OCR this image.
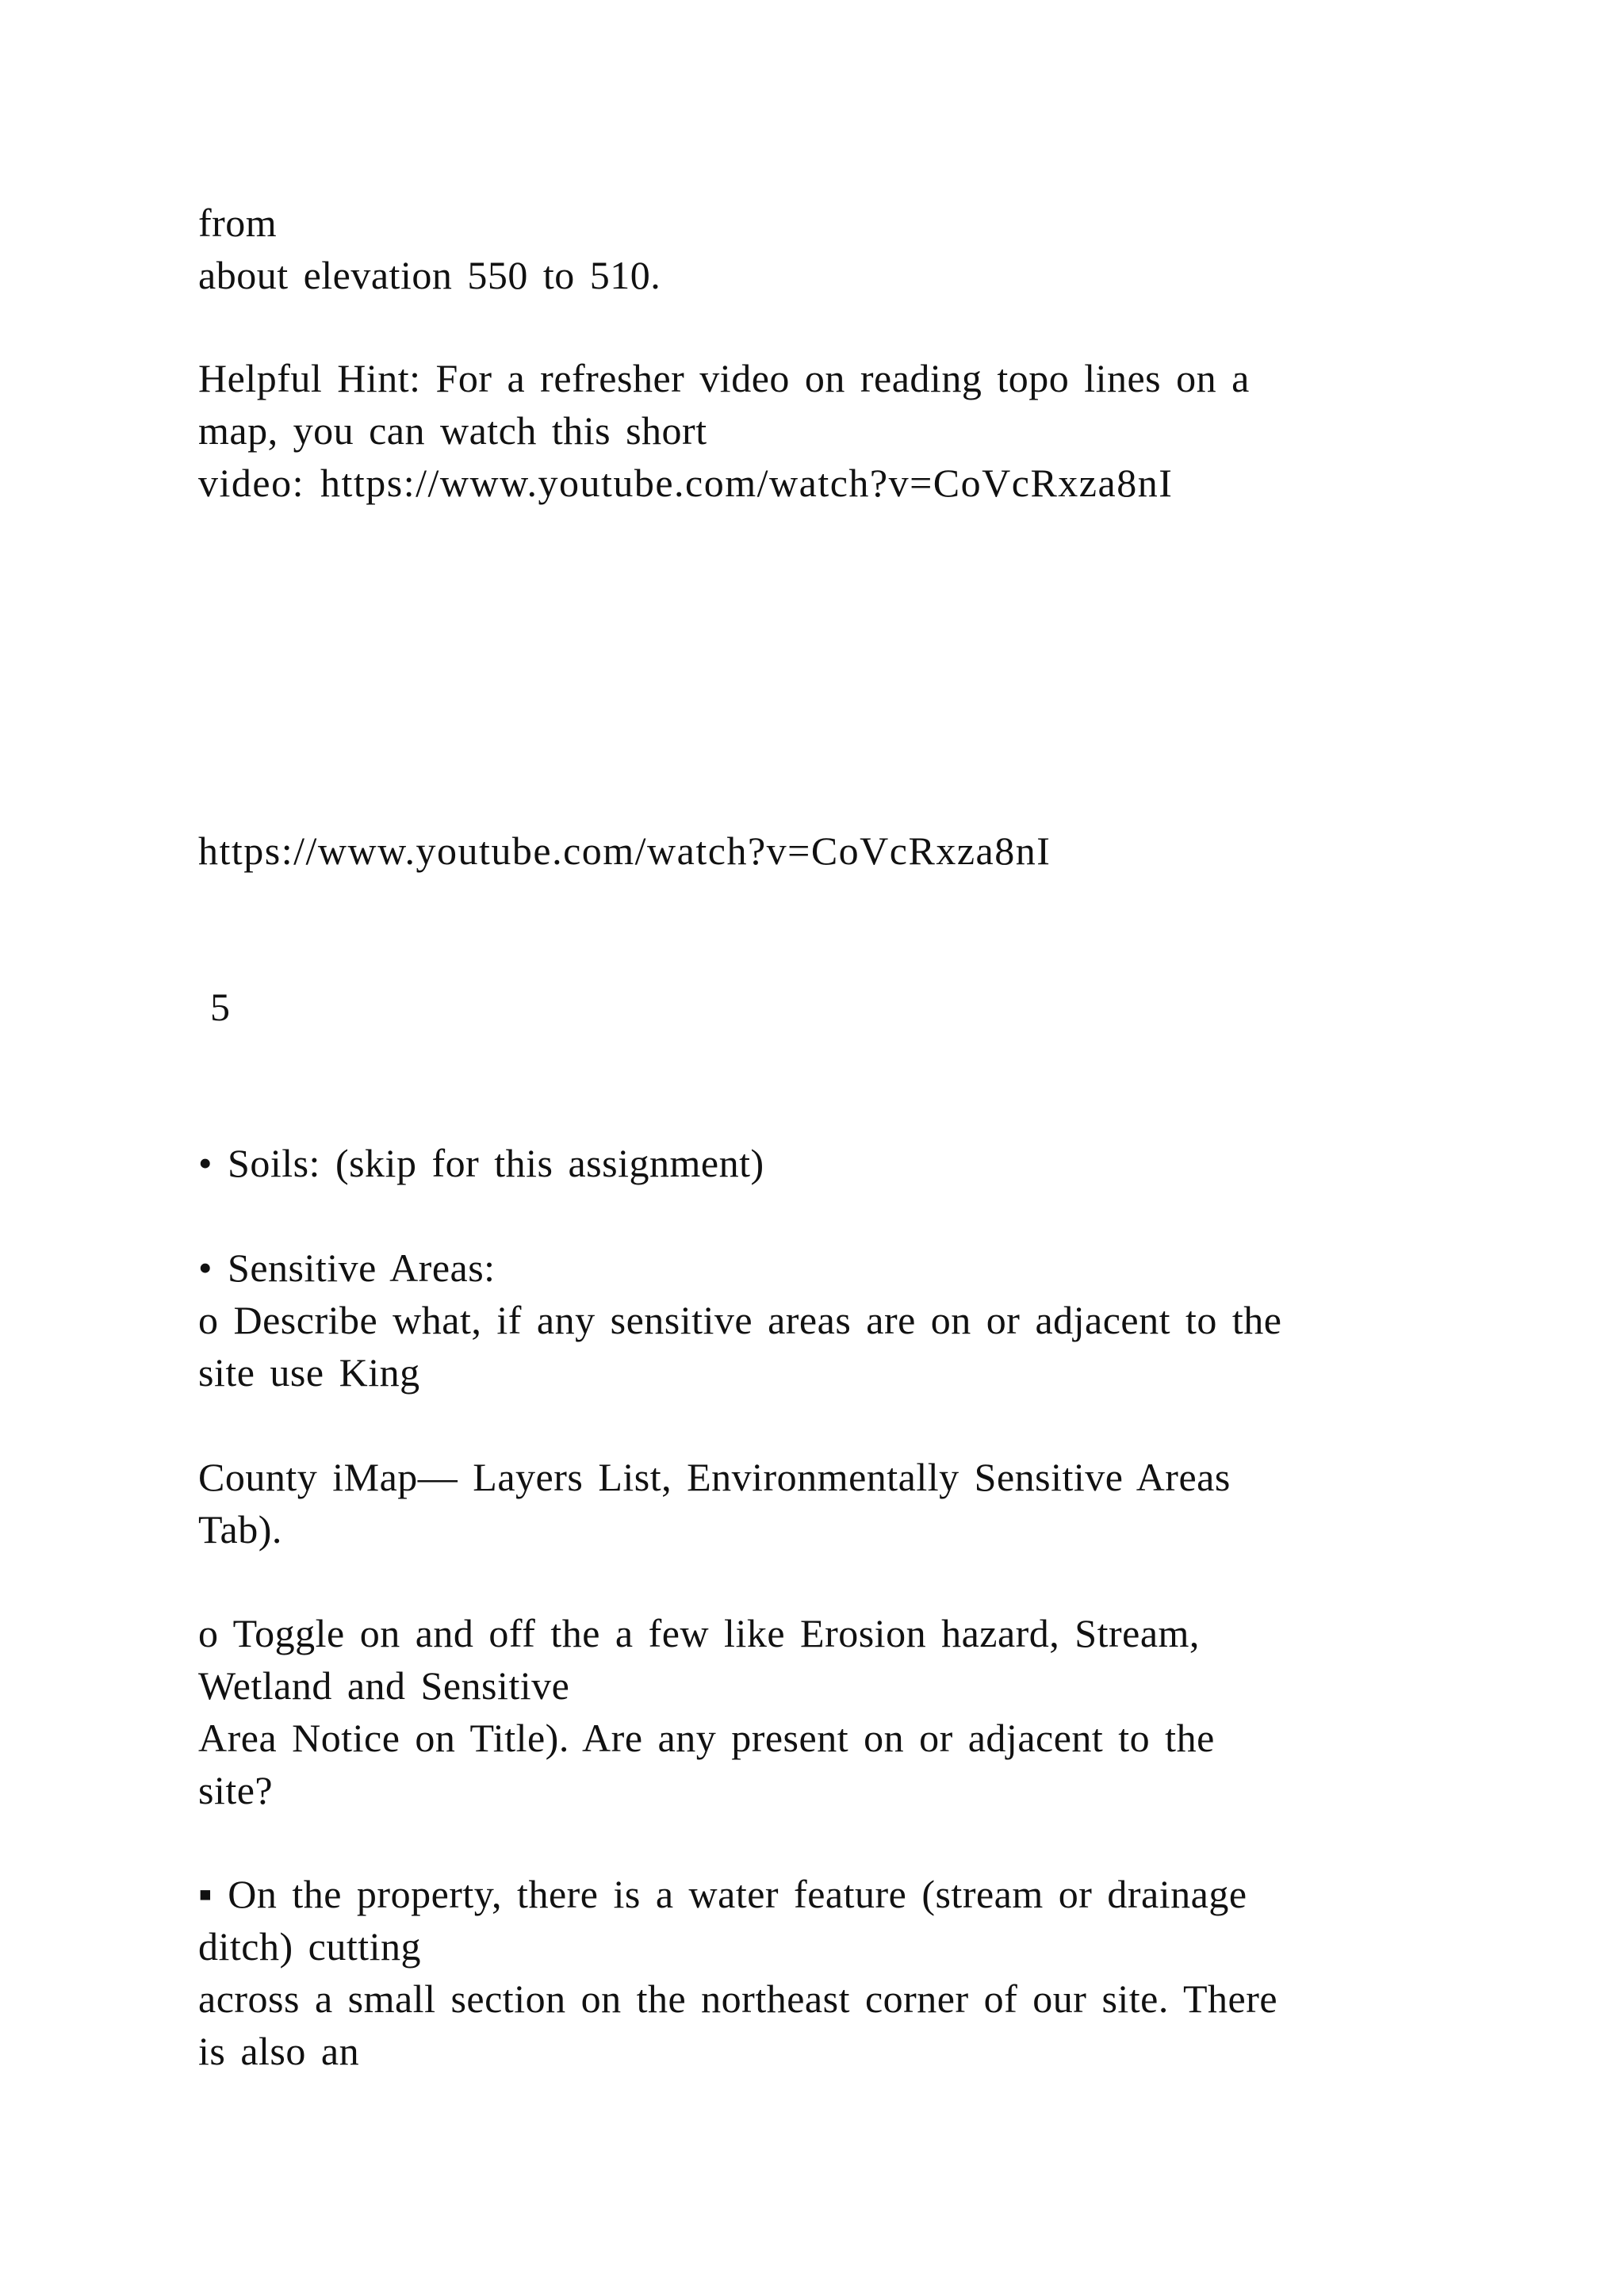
from
about elevation 550 to 510.
Helpful Hint: For a refresher video on reading topo lines on a
map, you can watch this short
video: https://www.youtube.com/watch?v=CoVcRxza8nI
https://www.youtube.com/watch?v=CoVcRxza8nI
5
• Soils: (skip for this assignment)
• Sensitive Areas:
o Describe what, if any sensitive areas are on or adjacent to the
site use King
County iMap— Layers List, Environmentally Sensitive Areas
Tab).
o Toggle on and off the a few like Erosion hazard, Stream,
Wetland and Sensitive
Area Notice on Title). Are any present on or adjacent to the
site?
▪ On the property, there is a water feature (stream or drainage
ditch) cutting
across a small section on the northeast corner of our site. There
is also an
